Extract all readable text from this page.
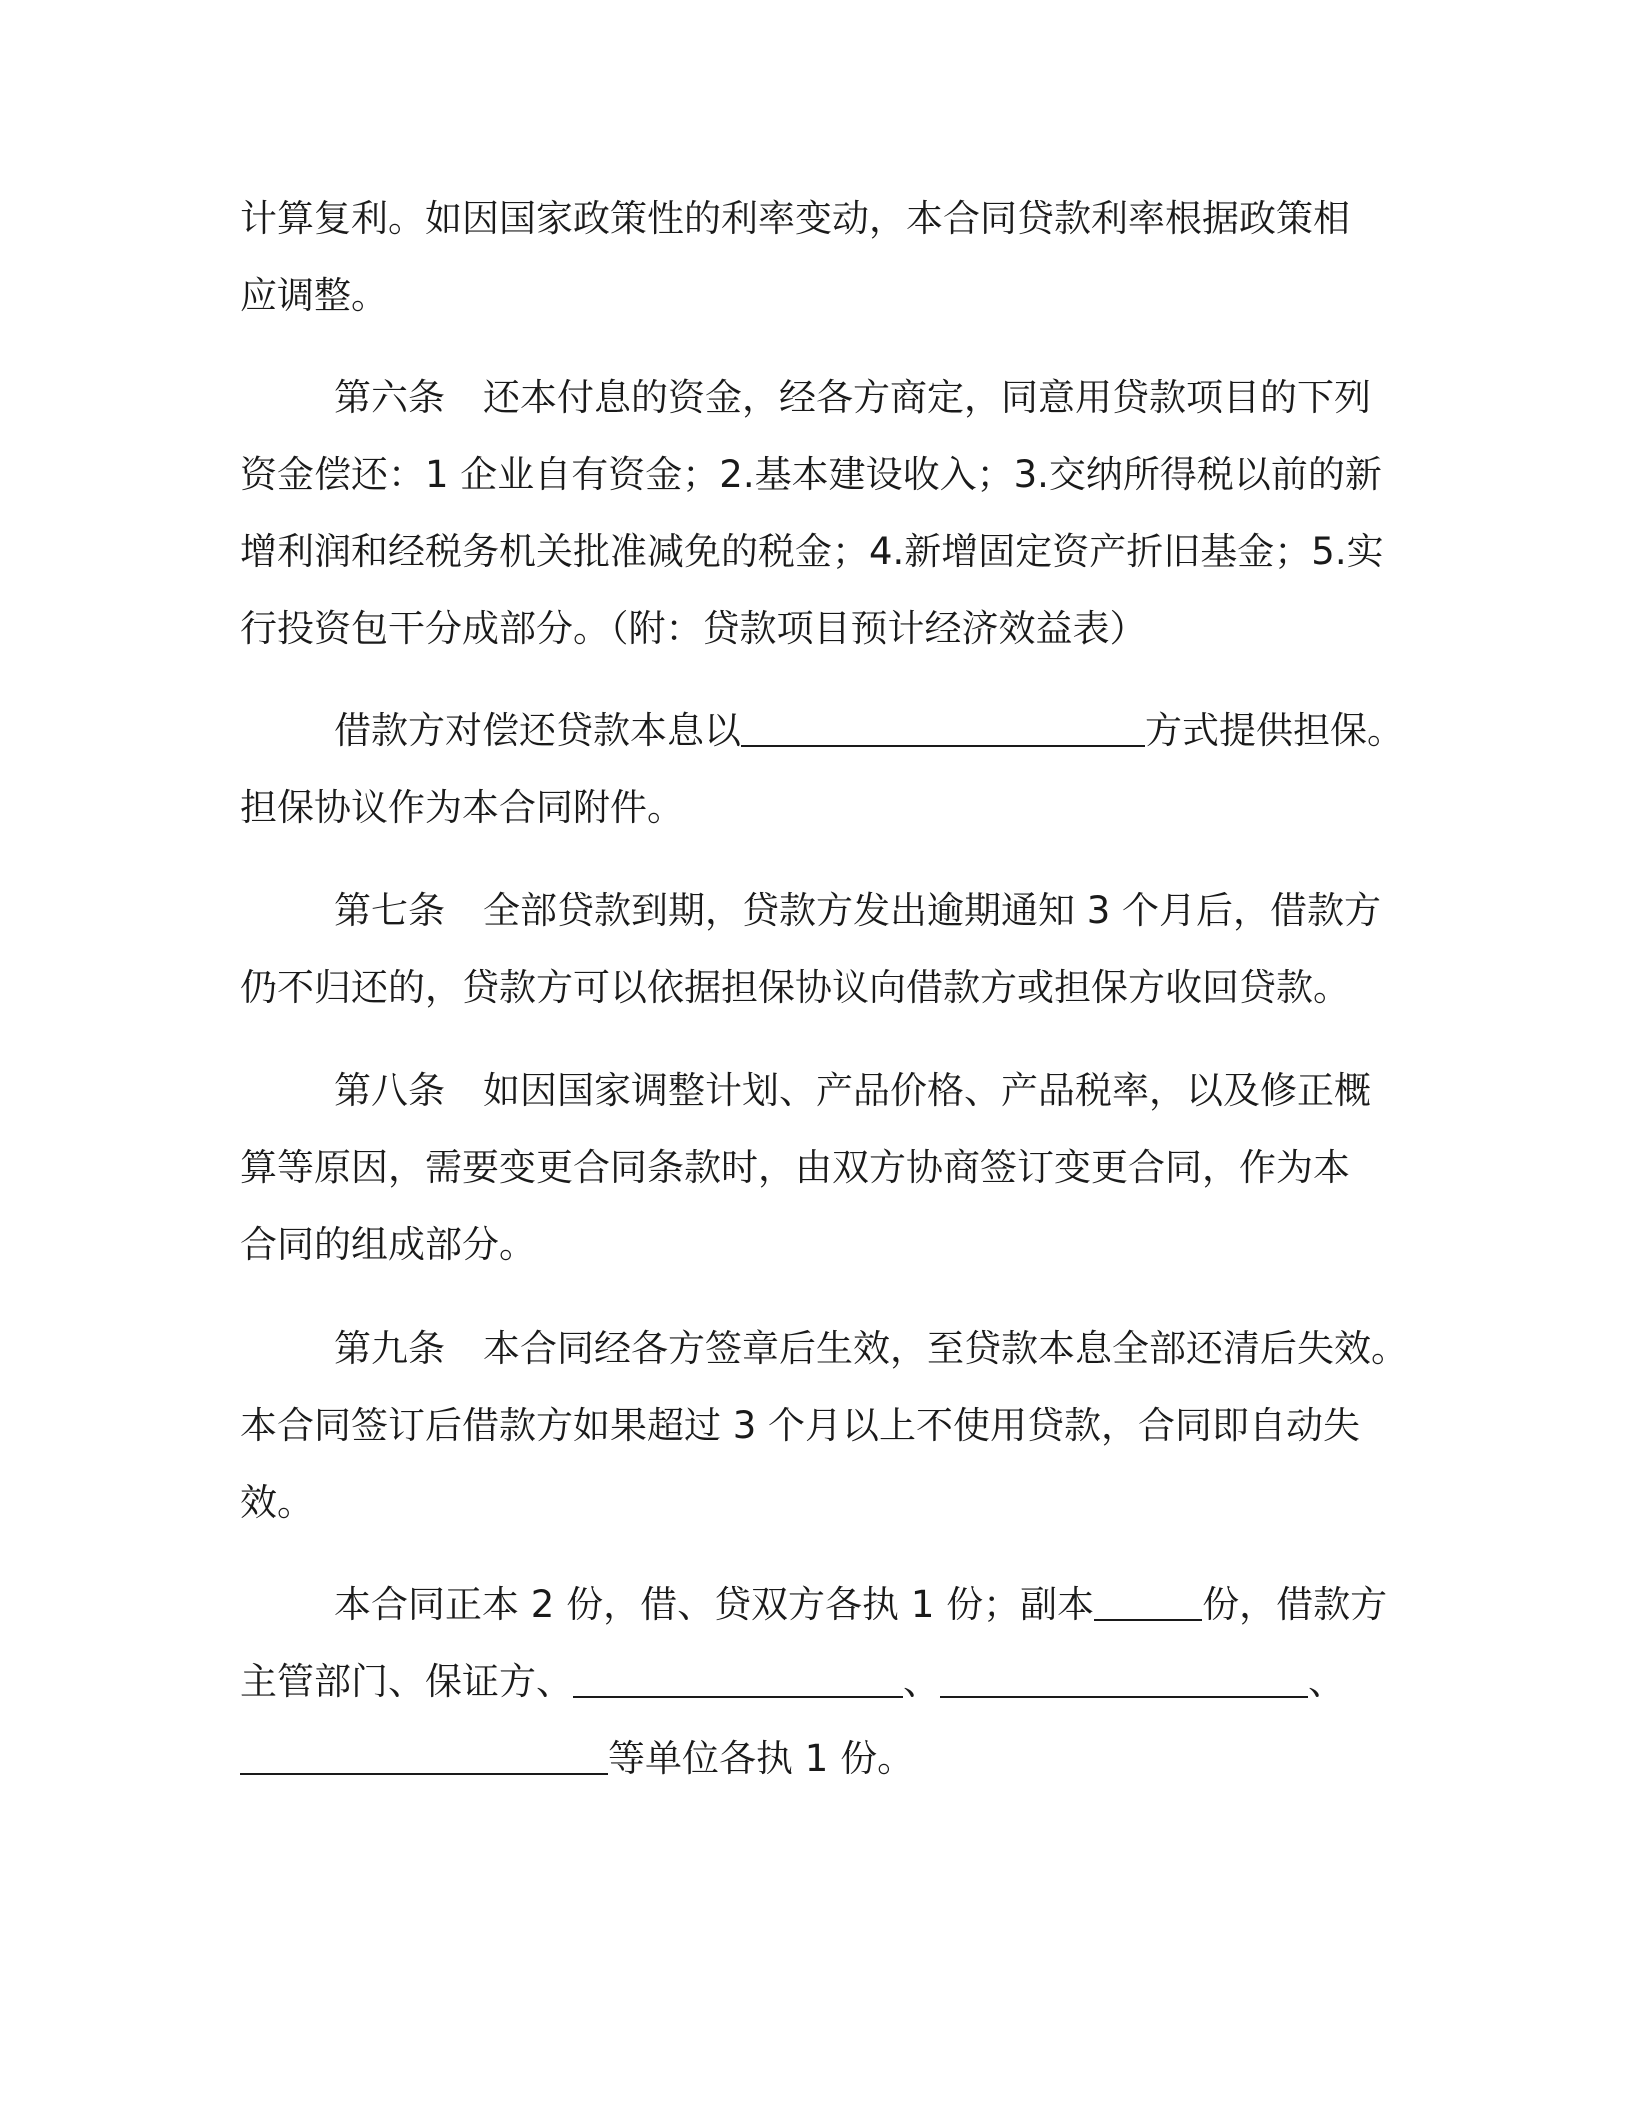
计算复利。如因国家政策性的利率变动，本合同贷款利率根据政策相
应调整。
第六条 还本付息的资金，经各方商定，同意用贷款项目的下列
资金偿还：1 企业自有资金；2.基本建设收入；3.交纳所得税以前的新
增利润和经税务机关批准减免的税金；4.新增固定资产折旧基金；5.实
行投资包干分成部分。（附：贷款项目预计经济效益表）
借款方对偿还贷款本息以	方式提供担保。
担保协议作为本合同附件。
第七条 全部贷款到期，贷款方发出逾期通知 3 个月后，借款方
仍不归还的，贷款方可以依据担保协议向借款方或担保方收回贷款。
第八条 如因国家调整计划、产品价格、产品税率，以及修正概
算等原因，需要变更合同条款时，由双方协商签订变更合同，作为本
合同的组成部分。
第九条 本合同经各方签章后生效，至贷款本息全部还清后失效。
本合同签订后借款方如果超过 3 个月以上不使用贷款，合同即自动失
效。
本合同正本 2 份，借、贷双方各执 1 份；副本	份，借款方
主管部门、保证方、	、	、
等单位各执 1 份。
